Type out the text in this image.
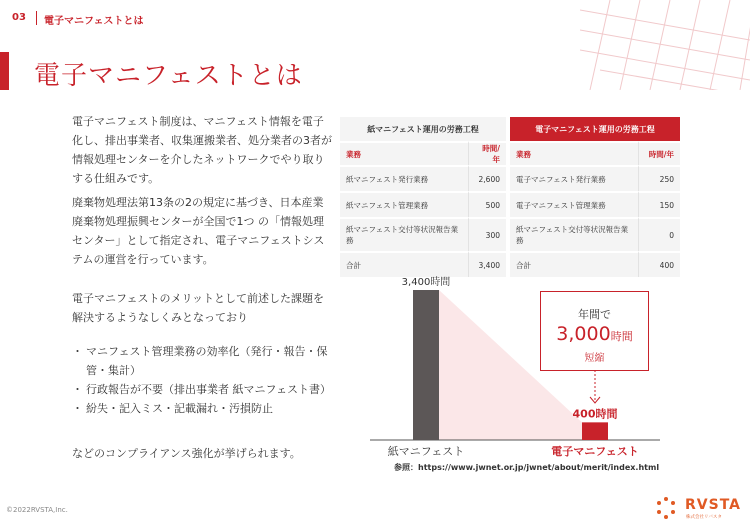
03 電子マニフェストとは
電子マニフェストとは

電子マニフェスト制度は、マニフェスト情報を電子化し、排出事業者、収集運搬業者、処分業者の3者が情報処理センターを介したネットワークでやり取りする仕組みです。

廃棄物処理法第13条の2の規定に基づき、日本産業廃棄物処理振興センターが全国で1つ の「情報処理センター」として指定され、電子マニフェストシステムの運営を行っています。

電子マニフェストのメリットとして前述した課題を解決するようなしくみとなっており

・ マニフェスト管理業務の効率化（発行・報告・保管・集計）
・ 行政報告が不要（排出事業者 紙マニフェスト書）
・ 紛失・記入ミス・記載漏れ・汚損防止

などのコンプライアンス強化が挙げられます。

紙マニフェスト運用の労務工程			電子マニフェスト運用の労務工程	
業務	時間/年		業務	時間/年
紙マニフェスト発行業務	2,600		電子マニフェスト発行業務	250
紙マニフェスト管理業務	500		電子マニフェスト管理業務	150
紙マニフェスト交付等状況報告業務	300		紙マニフェスト交付等状況報告業務	0
合計	3,400		合計	400
3,400時間
紙マニフェスト
400時間
電子マニフェスト
年間で
3,000時間
短縮
参照：https://www.jwnet.or.jp/jwnet/about/merit/index.html
©2022RVSTA,Inc.	RVSTA
株式会社リバスタ
